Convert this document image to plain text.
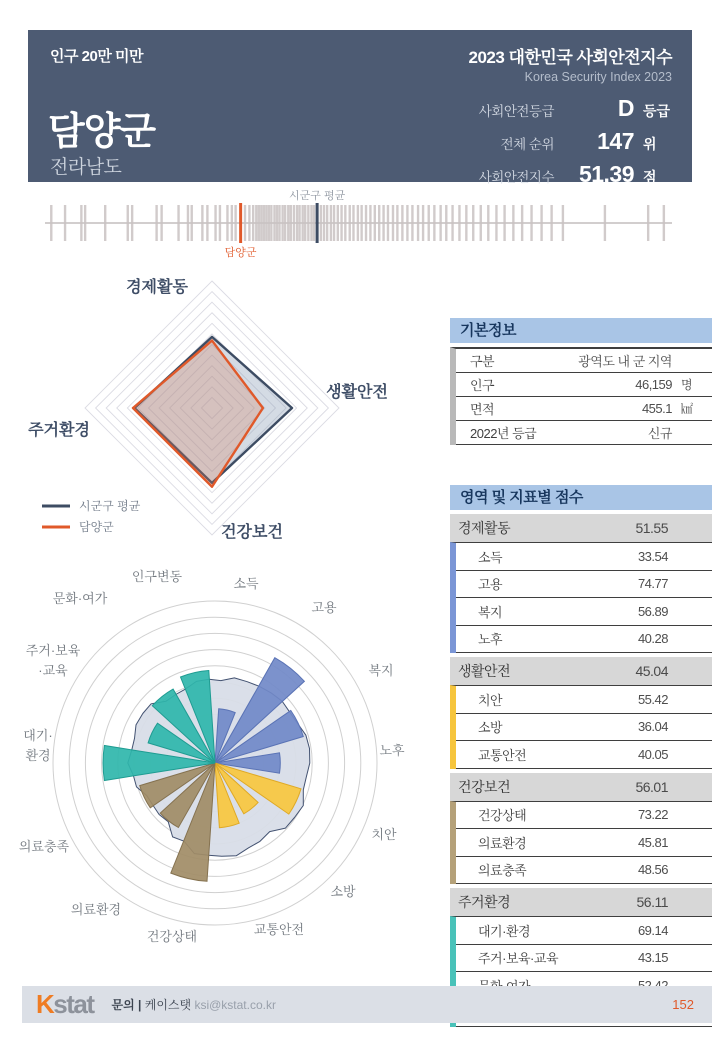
인구 20만 미만
담양군
전라남도
2023 대한민국 사회안전지수
Korea Security Index 2023
사회안전등급	D 등급
전체 순위	147 위
사회안전지수	51.39 점
시군구 평균
담양군
경제활동
생활안전
건강보건
주거환경
시군구 평균
담양군
소득
고용
복지
노후
치안
소방
교통안전
건강상태
의료환경
의료충족
대기· 환경
주거·보육 ·교육
문화·여가
인구변동
기본정보
구분	광역도 내 군 지역
인구	46,159 명
면적	455.1 ㎢
2022년 등급	신규
영역 및 지표별 점수
경제활동	51.55
소득	33.54
고용	74.77
복지	56.89
노후	40.28
생활안전	45.04
치안	55.42
소방	36.04
교통안전	40.05
건강보건	56.01
건강상태	73.22
의료환경	45.81
의료충족	48.56
주거환경	56.11
대기·환경	69.14
주거·보육·교육	43.15
Kstat 문의 | 케이스탯 ksi@kstat.co.kr	152
